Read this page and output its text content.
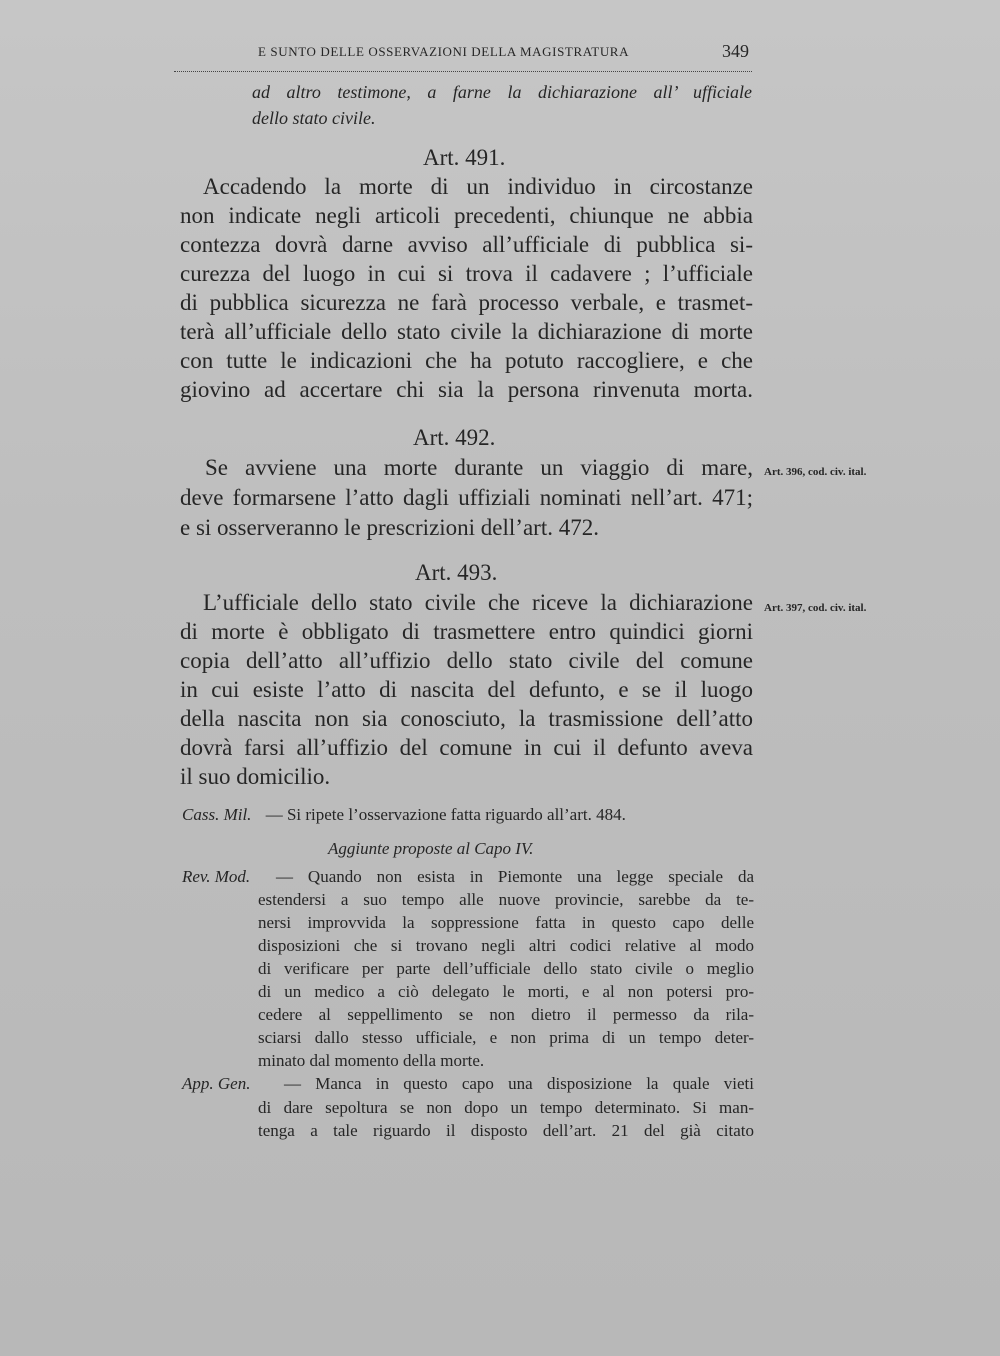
E SUNTO DELLE OSSERVAZIONI DELLA MAGISTRATURA	349
ad altro testimone, a farne la dichiarazione all’ ufficiale
dello stato civile.
Art. 491.
Accadendo la morte di un individuo in circostanze
non indicate negli articoli precedenti, chiunque ne abbia
contezza dovrà darne avviso all’ufficiale di pubblica si-
curezza del luogo in cui si trova il cadavere ; l’ufficiale
di pubblica sicurezza ne farà processo verbale, e trasmet-
terà all’ufficiale dello stato civile la dichiarazione di morte
con tutte le indicazioni che ha potuto raccogliere, e che
giovino ad accertare chi sia la persona rinvenuta morta.
Art. 492.
Se avviene una morte durante un viaggio di mare,
deve formarsene l’atto dagli uffiziali nominati nell’art. 471;
e si osserveranno le prescrizioni dell’art. 472.
Art. 396, cod. civ. ital.
Art. 493.
L’ufficiale dello stato civile che riceve la dichiarazione
di morte è obbligato di trasmettere entro quindici giorni
copia dell’atto all’uffizio dello stato civile del comune
in cui esiste l’atto di nascita del defunto, e se il luogo
della nascita non sia conosciuto, la trasmissione dell’atto
dovrà farsi all’uffizio del comune in cui il defunto aveva
il suo domicilio.
Art. 397, cod. civ. ital.
Cass. Mil. — Si ripete l’osservazione fatta riguardo all’art. 484.
Aggiunte proposte al Capo IV.
Rev. Mod. — Quando non esista in Piemonte una legge speciale da
estendersi a suo tempo alle nuove provincie, sarebbe da te-
nersi improvvida la soppressione fatta in questo capo delle
disposizioni che si trovano negli altri codici relative al modo
di verificare per parte dell’ufficiale dello stato civile o meglio
di un medico a ciò delegato le morti, e al non potersi pro-
cedere al seppellimento se non dietro il permesso da rila-
sciarsi dallo stesso ufficiale, e non prima di un tempo deter-
minato dal momento della morte.
App. Gen. — Manca in questo capo una disposizione la quale vieti
di dare sepoltura se non dopo un tempo determinato. Si man-
tenga a tale riguardo il disposto dell’art. 21 del già citato
